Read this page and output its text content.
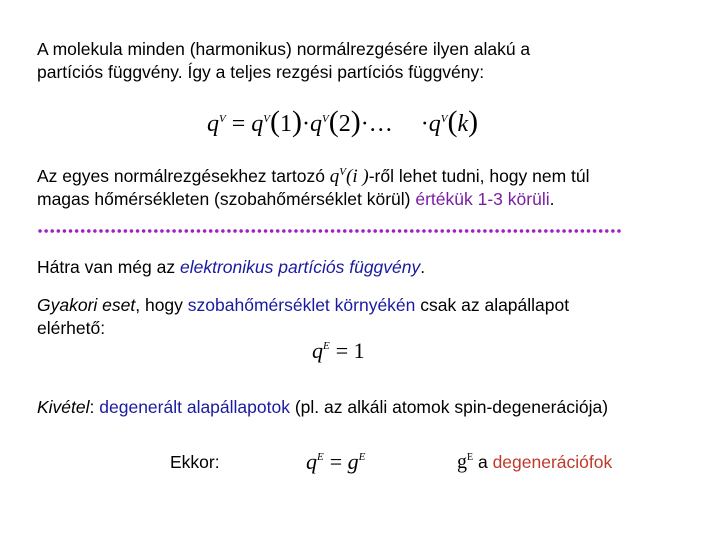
A molekula minden (harmonikus) normálrezgésére ilyen alakú a
partíciós függvény. Így a teljes rezgési partíciós függvény:
$q^V$ = $q^V(1)\cdot q^V(2)\cdot\dots \cdot q^V(k)$
Az egyes normálrezgésekhez tartozó $q^V(i$ )-ről lehet tudni, hogy nem túl
magas hőmérsékleten (szobahőmérséklet körül) értékük 1-3 körüli.
Hátra van még az elektronikus partíciós függvény.
Gyakori eset, hogy szobahőmérséklet környékén csak az alapállapot
elérhető:
$q^E = 1$
Kivétel: degenerált alapállapotok (pl. az alkáli atomok spin-degenerációja)
Ekkor:	$q^E = g^E$	$g^E$ a degenerációfok
